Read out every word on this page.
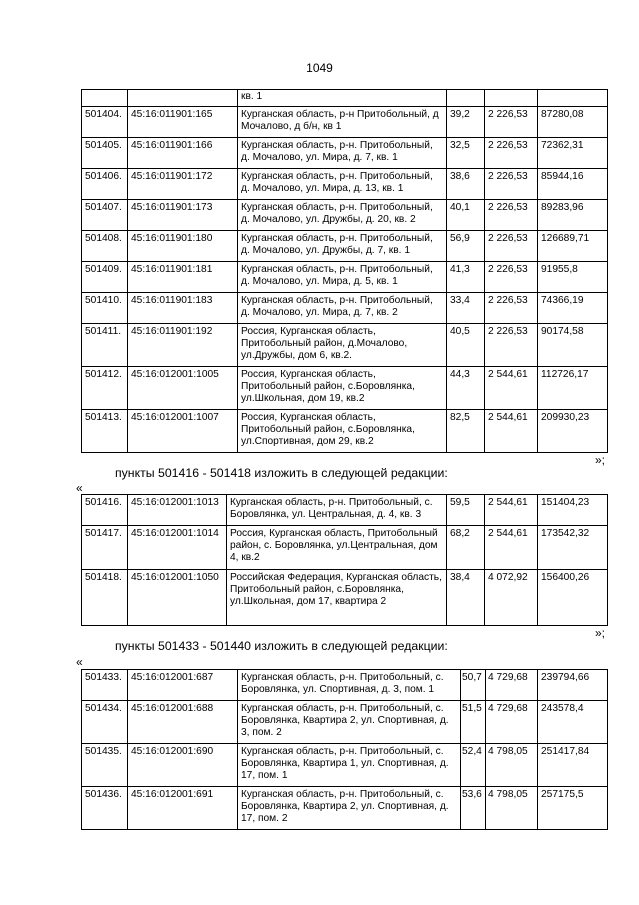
1049
		кв. 1			
501404.	45:16:011901:165	Курганская область, р-н Притобольный, д Мочалово, д б/н, кв 1	39,2	2 226,53	87280,08
501405.	45:16:011901:166	Курганская область, р-н. Притобольный, д. Мочалово, ул. Мира, д. 7, кв. 1	32,5	2 226,53	72362,31
501406.	45:16:011901:172	Курганская область, р-н. Притобольный, д. Мочалово, ул. Мира, д. 13, кв. 1	38,6	2 226,53	85944,16
501407.	45:16:011901:173	Курганская область, р-н. Притобольный, д. Мочалово, ул. Дружбы, д. 20, кв. 2	40,1	2 226,53	89283,96
501408.	45:16:011901:180	Курганская область, р-н. Притобольный, д. Мочалово, ул. Дружбы, д. 7, кв. 1	56,9	2 226,53	126689,71
501409.	45:16:011901:181	Курганская область, р-н. Притобольный, д. Мочалово, ул. Мира, д. 5, кв. 1	41,3	2 226,53	91955,8
501410.	45:16:011901:183	Курганская область, р-н. Притобольный, д. Мочалово, ул. Мира, д. 7, кв. 2	33,4	2 226,53	74366,19
501411.	45:16:011901:192	Россия, Курганская область, Притобольный район, д.Мочалово, ул.Дружбы, дом 6, кв.2.	40,5	2 226,53	90174,58
501412.	45:16:012001:1005	Россия, Курганская область, Притобольный район, с.Боровлянка, ул.Школьная, дом 19, кв.2	44,3	2 544,61	112726,17
501413.	45:16:012001:1007	Россия, Курганская область, Притобольный район, с.Боровлянка, ул.Спортивная, дом 29, кв.2	82,5	2 544,61	209930,23
»;
пункты 501416 - 501418 изложить в следующей редакции:
«
501416.	45:16:012001:1013	Курганская область, р-н. Притобольный, с. Боровлянка, ул. Центральная, д. 4, кв. 3	59,5	2 544,61	151404,23
501417.	45:16:012001:1014	Россия, Курганская область, Притобольный район, с. Боровлянка, ул.Центральная, дом 4, кв.2	68,2	2 544,61	173542,32
501418.	45:16:012001:1050	Российская Федерация, Курганская область, Притобольный район, с.Боровлянка, ул.Школьная, дом 17, квартира 2	38,4	4 072,92	156400,26
»;
пункты 501433 - 501440 изложить в следующей редакции:
«
501433.	45:16:012001:687	Курганская область, р-н. Притобольный, с. Боровлянка, ул. Спортивная, д. 3, пом. 1	50,7	4 729,68	239794,66
501434.	45:16:012001:688	Курганская область, р-н. Притобольный, с. Боровлянка, Квартира 2, ул. Спортивная, д. 3, пом. 2	51,5	4 729,68	243578,4
501435.	45:16:012001:690	Курганская область, р-н. Притобольный, с. Боровлянка, Квартира 1, ул. Спортивная, д. 17, пом. 1	52,4	4 798,05	251417,84
501436.	45:16:012001:691	Курганская область, р-н. Притобольный, с. Боровлянка, Квартира 2, ул. Спортивная, д. 17, пом. 2	53,6	4 798,05	257175,5
